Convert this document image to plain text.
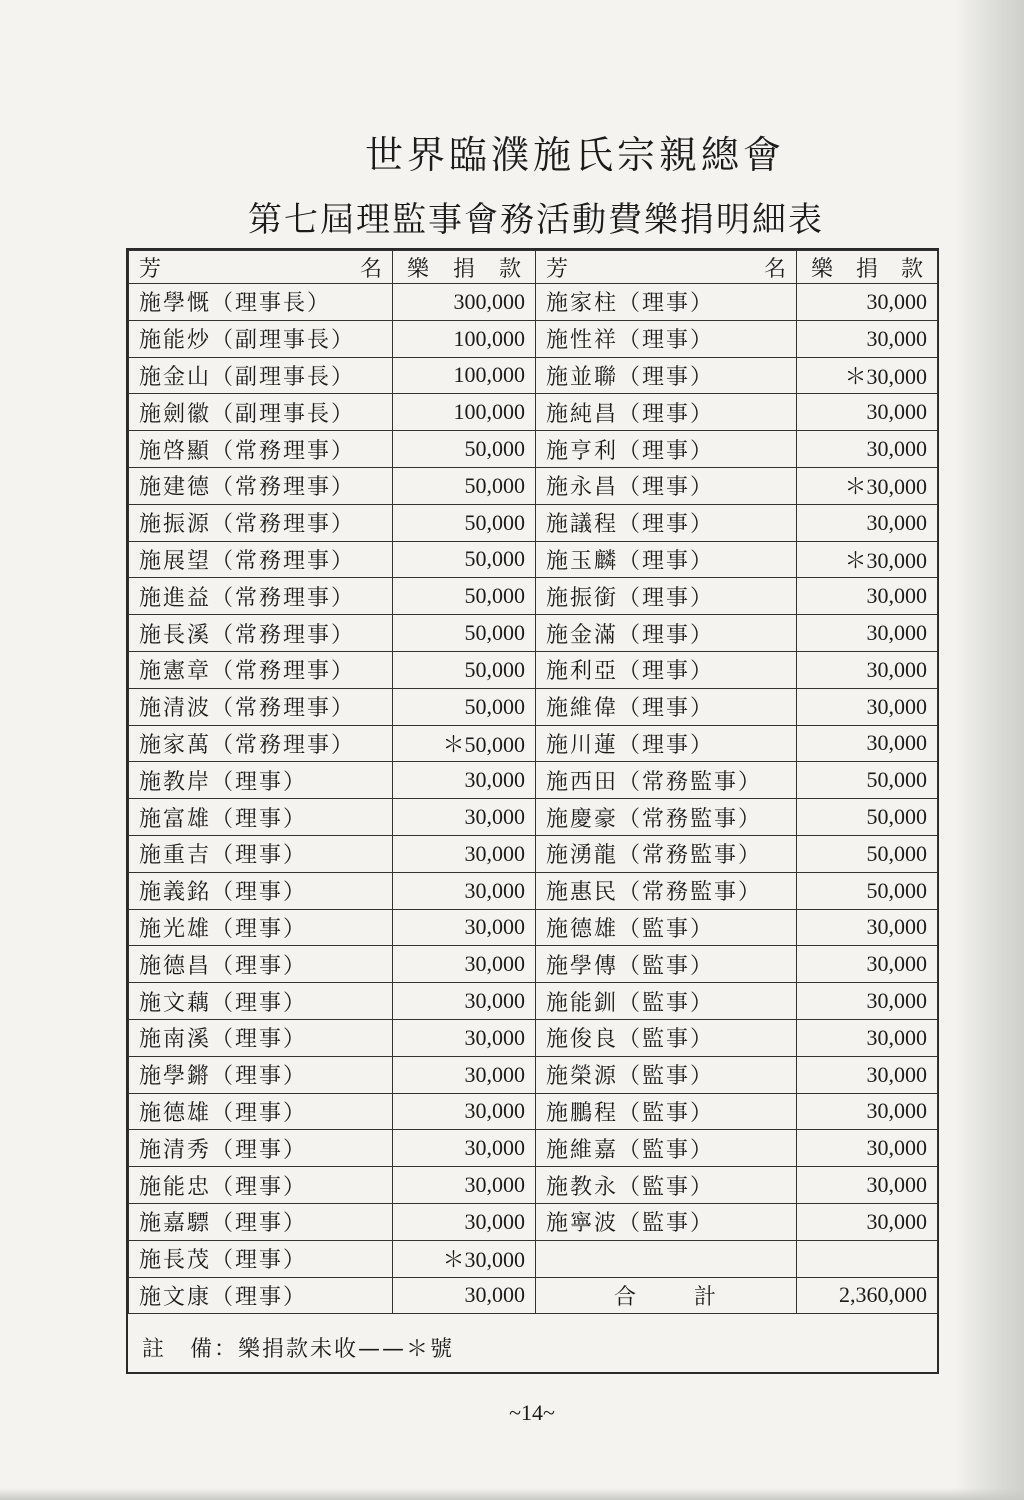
世界臨濮施氏宗親總會
第七屆理監事會務活動費樂捐明細表
芳 名	樂 捐 款	芳 名	樂 捐 款

施學慨（理事長）	300,000	施家柱（理事）	30,000
施能炒（副理事長）	100,000	施性祥（理事）	30,000
施金山（副理事長）	100,000	施並聯（理事）	＊30,000
施劍徽（副理事長）	100,000	施純昌（理事）	30,000
施啓顯（常務理事）	50,000	施亨利（理事）	30,000
施建德（常務理事）	50,000	施永昌（理事）	＊30,000
施振源（常務理事）	50,000	施議程（理事）	30,000
施展望（常務理事）	50,000	施玉麟（理事）	＊30,000
施進益（常務理事）	50,000	施振銜（理事）	30,000
施長溪（常務理事）	50,000	施金滿（理事）	30,000
施憲章（常務理事）	50,000	施利亞（理事）	30,000
施清波（常務理事）	50,000	施維偉（理事）	30,000
施家萬（常務理事）	＊50,000	施川蓮（理事）	30,000
施教岸（理事）	30,000	施西田（常務監事）	50,000
施富雄（理事）	30,000	施慶豪（常務監事）	50,000
施重吉（理事）	30,000	施湧龍（常務監事）	50,000
施義銘（理事）	30,000	施惠民（常務監事）	50,000
施光雄（理事）	30,000	施德雄（監事）	30,000
施德昌（理事）	30,000	施學傳（監事）	30,000
施文藕（理事）	30,000	施能釧（監事）	30,000
施南溪（理事）	30,000	施俊良（監事）	30,000
施學鏘（理事）	30,000	施榮源（監事）	30,000
施德雄（理事）	30,000	施鵬程（監事）	30,000
施清秀（理事）	30,000	施維嘉（監事）	30,000
施能忠（理事）	30,000	施教永（監事）	30,000
施嘉驃（理事）	30,000	施寧波（監事）	30,000
施長茂（理事）	＊30,000		
施文康（理事）	30,000	合 計	2,360,000
註　備：樂捐款未收——＊號
~14~
